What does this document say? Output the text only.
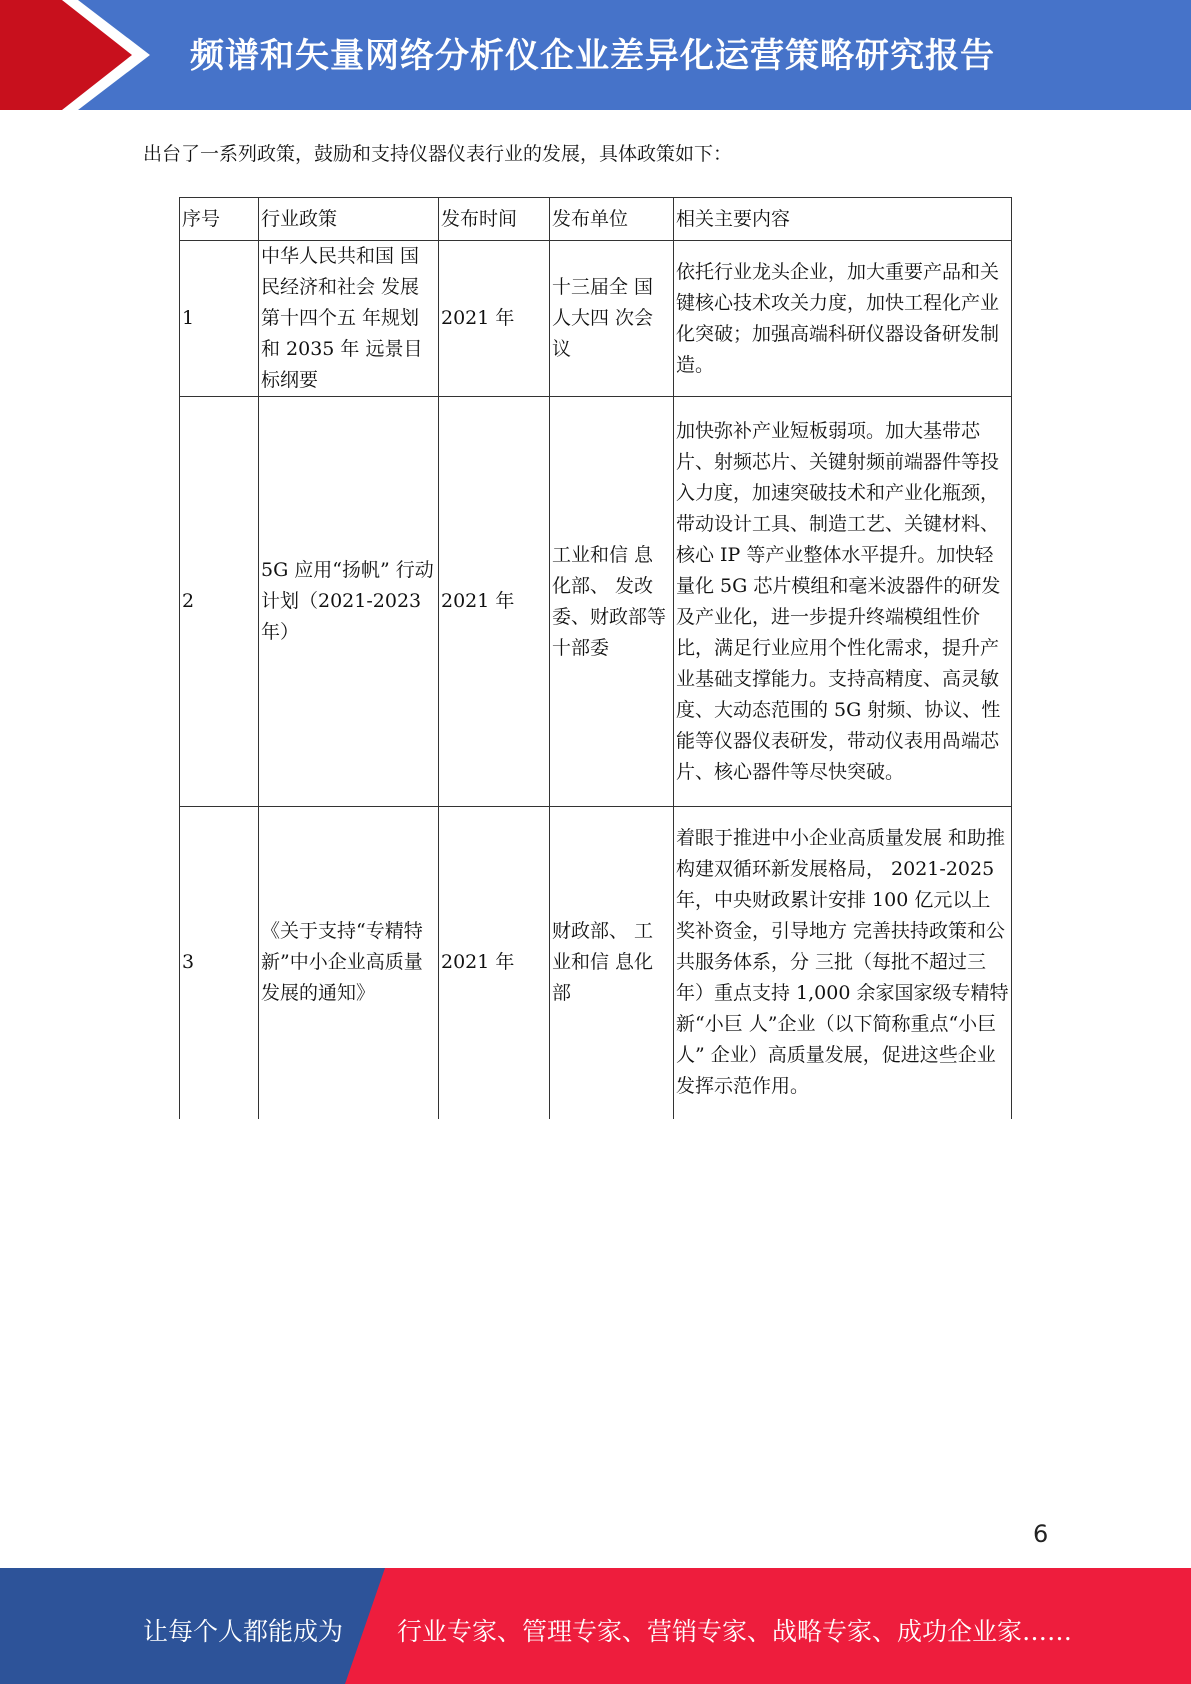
频谱和矢量网络分析仪企业差异化运营策略研究报告
出台了一系列政策，鼓励和支持仪器仪表行业的发展，具体政策如下：
序号	行业政策	发布时间	发布单位	相关主要内容
1	中华人民共和国 国民经济和社会 发展第十四个五 年规划和 2035 年 远景目标纲要	2021 年	十三届全 国人大四 次会议	依托行业龙头企业，加大重要产品和关键核心技术攻关力度，加快工程化产业化突破；加强高端科研仪器设备研发制造。
2	5G 应用“扬帆” 行动计划（2021-2023 年）	2021 年	工业和信 息化部、 发改委、财政部等 十部委	加快弥补产业短板弱项。加大基带芯片、射频芯片、关键射频前端器件等投入力度，加速突破技术和产业化瓶颈，带动设计工具、制造工艺、关键材料、核心 IP 等产业整体水平提升。加快轻量化 5G 芯片模组和毫米波器件的研发及产业化，进一步提升终端模组性价比，满足行业应用个性化需求，提升产业基础支撑能力。支持高精度、高灵敏度、大动态范围的 5G 射频、协议、性能等仪器仪表研发，带动仪表用咼端芯片、核心器件等尽快突破。
3	《关于支持“专精特新”中小企业高质量发展的通知》	2021 年	财政部、 工业和信 息化部	着眼于推进中小企业高质量发展 和助推构建双循环新发展格局， 2021-2025 年，中央财政累计安排 100 亿元以上奖补资金，引导地方 完善扶持政策和公共服务体系，分 三批（每批不超过三年）重点支持 1,000 余家国家级专精特新“小巨 人”企业（以下简称重点“小巨人” 企业）高质量发展，促进这些企业 发挥示范作用。
6
让每个人都能成为 行业专家、管理专家、营销专家、战略专家、成功企业家……
